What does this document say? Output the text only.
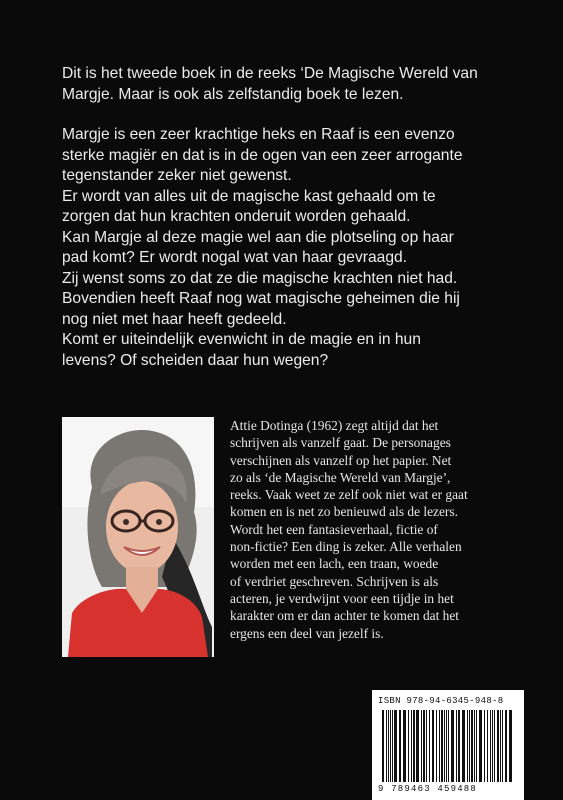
Dit is het tweede boek in de reeks ‘De Magische Wereld van
Margje. Maar is ook als zelfstandig boek te lezen.

Margje is een zeer krachtige heks en Raaf is een evenzo
sterke magiër en dat is in de ogen van een zeer arrogante
tegenstander zeker niet gewenst.
Er wordt van alles uit de magische kast gehaald om te
zorgen dat hun krachten onderuit worden gehaald.
Kan Margje al deze magie wel aan die plotseling op haar
pad komt? Er wordt nogal wat van haar gevraagd.
Zij wenst soms zo dat ze die magische krachten niet had.
Bovendien heeft Raaf nog wat magische geheimen die hij
nog niet met haar heeft gedeeld.
Komt er uiteindelijk evenwicht in de magie en in hun
levens? Of scheiden daar hun wegen?

Attie Dotinga (1962) zegt altijd dat het
schrijven als vanzelf gaat. De personages
verschijnen als vanzelf op het papier. Net
zo als ‘de Magische Wereld van Margje’,
reeks. Vaak weet ze zelf ook niet wat er gaat
komen en is net zo benieuwd als de lezers.
Wordt het een fantasieverhaal, fictie of
non-fictie? Een ding is zeker. Alle verhalen
worden met een lach, een traan, woede
of verdriet geschreven. Schrijven is als
acteren, je verdwijnt voor een tijdje in het
karakter om er dan achter te komen dat het
ergens een deel van jezelf is.
ISBN 978-94-6345-948-8
9 789463 459488
